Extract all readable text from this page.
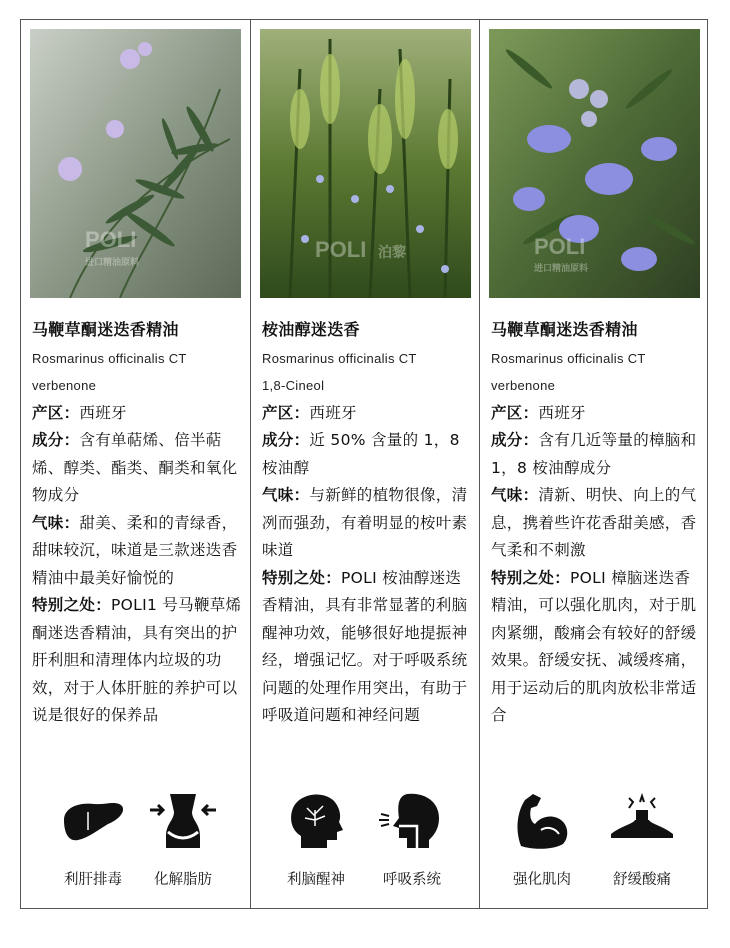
POLI
进口精油原料
马鞭草酮迷迭香精油
Rosmarinus officinalis CT
verbenone
产区：西班牙
成分：含有单萜烯、倍半萜烯、醇类、酯类、酮类和氧化物成分
气味：甜美、柔和的青绿香，甜味较沉，味道是三款迷迭香精油中最美好愉悦的
特别之处：POLI1 号马鞭草烯酮迷迭香精油，具有突出的护肝利胆和清理体内垃圾的功效，对于人体肝脏的养护可以说是很好的保养品
利肝排毒	化解脂肪
POLI 泊黎
桉油醇迷迭香
Rosmarinus officinalis CT
1,8-Cineol
产区：西班牙
成分：近 50% 含量的 1，8 桉油醇
气味：与新鲜的植物很像，清冽而强劲，有着明显的桉叶素味道
特别之处：POLI 桉油醇迷迭香精油，具有非常显著的利脑醒神功效，能够很好地提振神经，增强记忆。对于呼吸系统问题的处理作用突出，有助于呼吸道问题和神经问题
利脑醒神	呼吸系统
POLI
进口精油原料
马鞭草酮迷迭香精油
Rosmarinus officinalis CT
verbenone
产区：西班牙
成分：含有几近等量的樟脑和 1，8 桉油醇成分
气味：清新、明快、向上的气息，携着些许花香甜美感，香气柔和不刺激
特别之处：POLI 樟脑迷迭香精油，可以强化肌肉，对于肌肉紧绷，酸痛会有较好的舒缓效果。舒缓安抚、减缓疼痛，用于运动后的肌肉放松非常适合
强化肌肉	舒缓酸痛
